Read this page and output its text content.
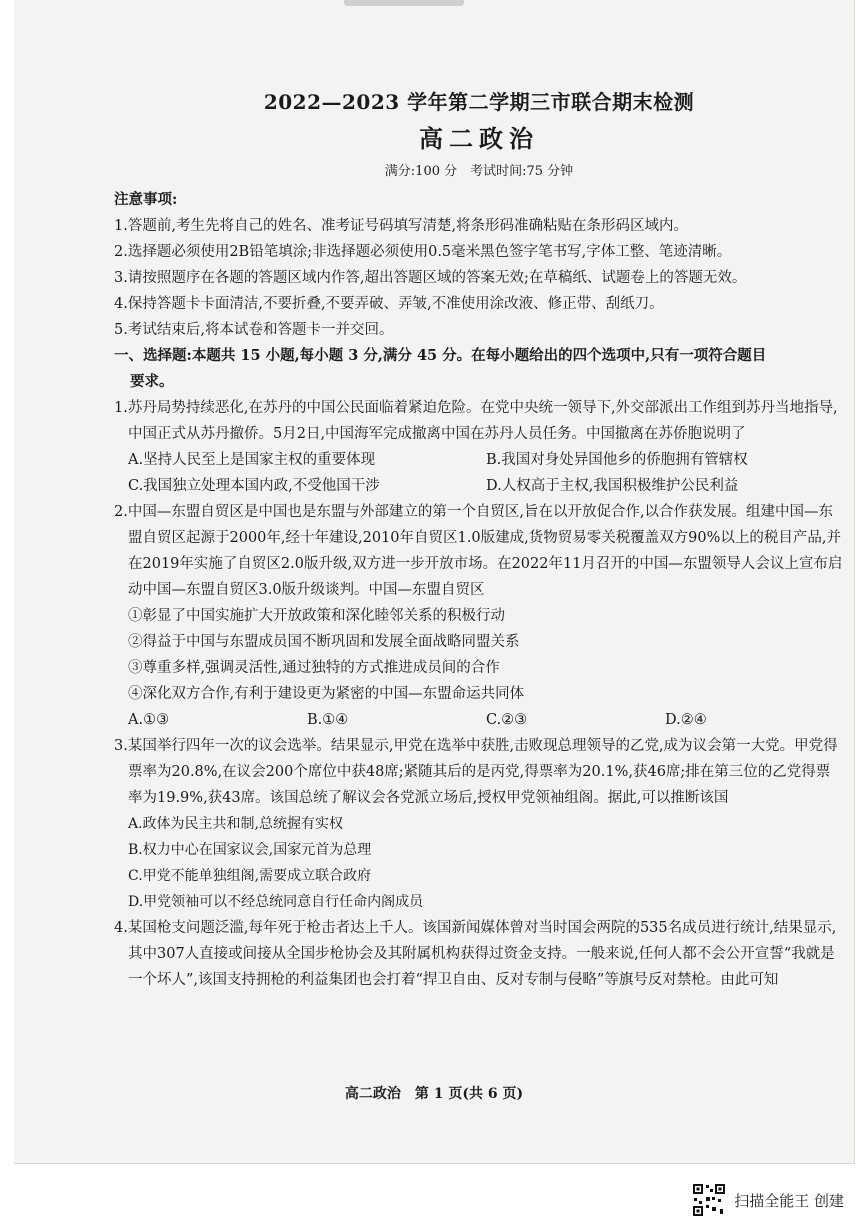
2022—2023 学年第二学期三市联合期末检测

高二政治

满分:100 分　考试时间:75 分钟

注意事项:

1.答题前,考生先将自己的姓名、准考证号码填写清楚,将条形码准确粘贴在条形码区域内。

2.选择题必须使用2B铅笔填涂;非选择题必须使用0.5毫米黑色签字笔书写,字体工整、笔迹清晰。

3.请按照题序在各题的答题区域内作答,超出答题区域的答案无效;在草稿纸、试题卷上的答题无效。

4.保持答题卡卡面清洁,不要折叠,不要弄破、弄皱,不准使用涂改液、修正带、刮纸刀。

5.考试结束后,将本试卷和答题卡一并交回。

一、选择题:本题共 15 小题,每小题 3 分,满分 45 分。在每小题给出的四个选项中,只有一项符合题目

要求。

1.苏丹局势持续恶化,在苏丹的中国公民面临着紧迫危险。在党中央统一领导下,外交部派出工作组到苏丹当地指导,中国正式从苏丹撤侨。5月2日,中国海军完成撤离中国在苏丹人员任务。中国撤离在苏侨胞说明了

A.坚持人民至上是国家主权的重要体现	B.我国对身处异国他乡的侨胞拥有管辖权
C.我国独立处理本国内政,不受他国干涉	D.人权高于主权,我国积极维护公民利益

2.中国—东盟自贸区是中国也是东盟与外部建立的第一个自贸区,旨在以开放促合作,以合作获发展。组建中国—东盟自贸区起源于2000年,经十年建设,2010年自贸区1.0版建成,货物贸易零关税覆盖双方90%以上的税目产品,并在2019年实施了自贸区2.0版升级,双方进一步开放市场。在2022年11月召开的中国—东盟领导人会议上宣布启动中国—东盟自贸区3.0版升级谈判。中国—东盟自贸区

①彰显了中国实施扩大开放政策和深化睦邻关系的积极行动
②得益于中国与东盟成员国不断巩固和发展全面战略同盟关系
③尊重多样,强调灵活性,通过独特的方式推进成员间的合作
④深化双方合作,有利于建设更为紧密的中国—东盟命运共同体
A.①③	B.①④	C.②③	D.②④

3.某国举行四年一次的议会选举。结果显示,甲党在选举中获胜,击败现总理领导的乙党,成为议会第一大党。甲党得票率为20.8%,在议会200个席位中获48席;紧随其后的是丙党,得票率为20.1%,获46席;排在第三位的乙党得票率为19.9%,获43席。该国总统了解议会各党派立场后,授权甲党领袖组阁。据此,可以推断该国

A.政体为民主共和制,总统握有实权
B.权力中心在国家议会,国家元首为总理
C.甲党不能单独组阁,需要成立联合政府
D.甲党领袖可以不经总统同意自行任命内阁成员

4.某国枪支问题泛滥,每年死于枪击者达上千人。该国新闻媒体曾对当时国会两院的535名成员进行统计,结果显示,其中307人直接或间接从全国步枪协会及其附属机构获得过资金支持。一般来说,任何人都不会公开宣誓“我就是一个坏人”,该国支持拥枪的利益集团也会打着“捍卫自由、反对专制与侵略”等旗号反对禁枪。由此可知

高二政治　第 1 页(共 6 页)
扫描全能王 创建
